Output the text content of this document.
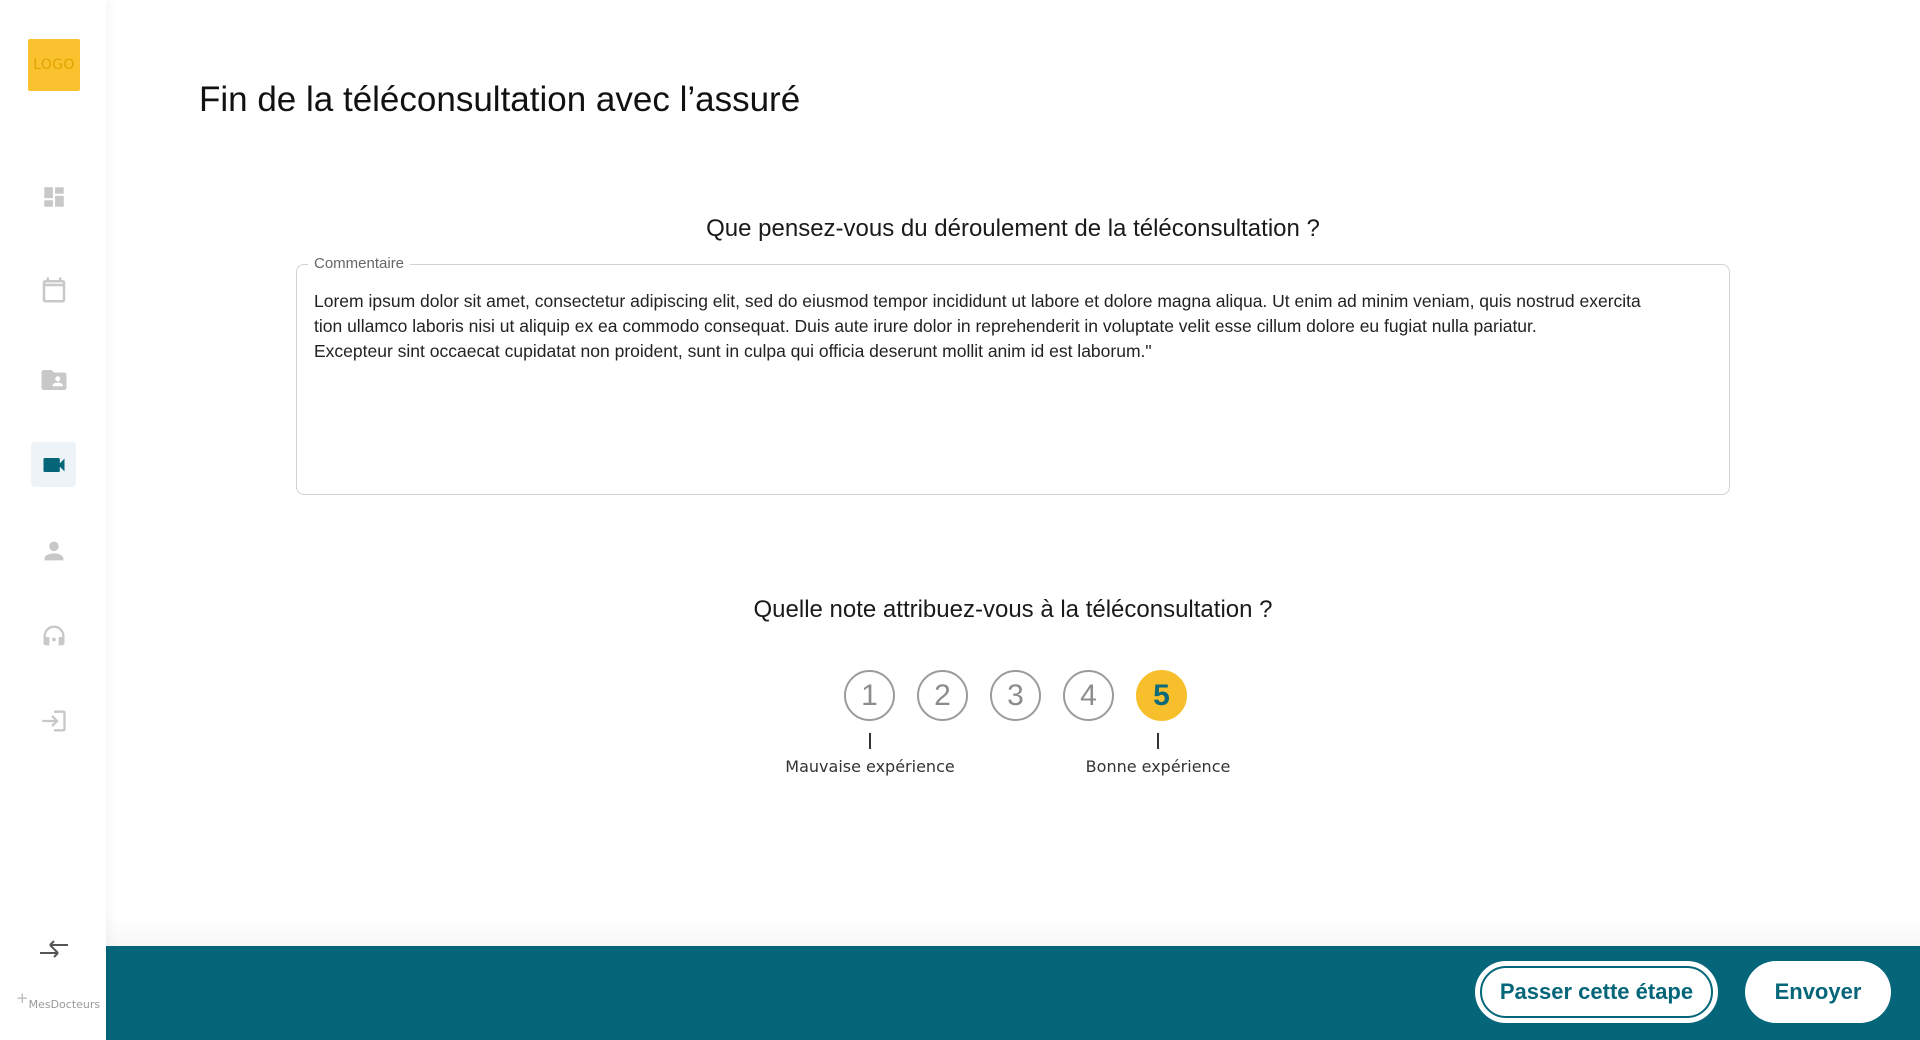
LOGO
+MesDocteurs
Fin de la téléconsultation avec l’assuré
Que pensez-vous du déroulement de la téléconsultation ?
Commentaire
Lorem ipsum dolor sit amet, consectetur adipiscing elit, sed do eiusmod tempor incididunt ut labore et dolore magna aliqua. Ut enim ad minim veniam, quis nostrud exercita
tion ullamco laboris nisi ut aliquip ex ea commodo consequat. Duis aute irure dolor in reprehenderit in voluptate velit esse cillum dolore eu fugiat nulla pariatur.
Excepteur sint occaecat cupidatat non proident, sunt in culpa qui officia deserunt mollit anim id est laborum."
Quelle note attribuez-vous à la téléconsultation ?
1	2	3	4	5
Mauvaise expérience	Bonne expérience
Passer cette étape	Envoyer
